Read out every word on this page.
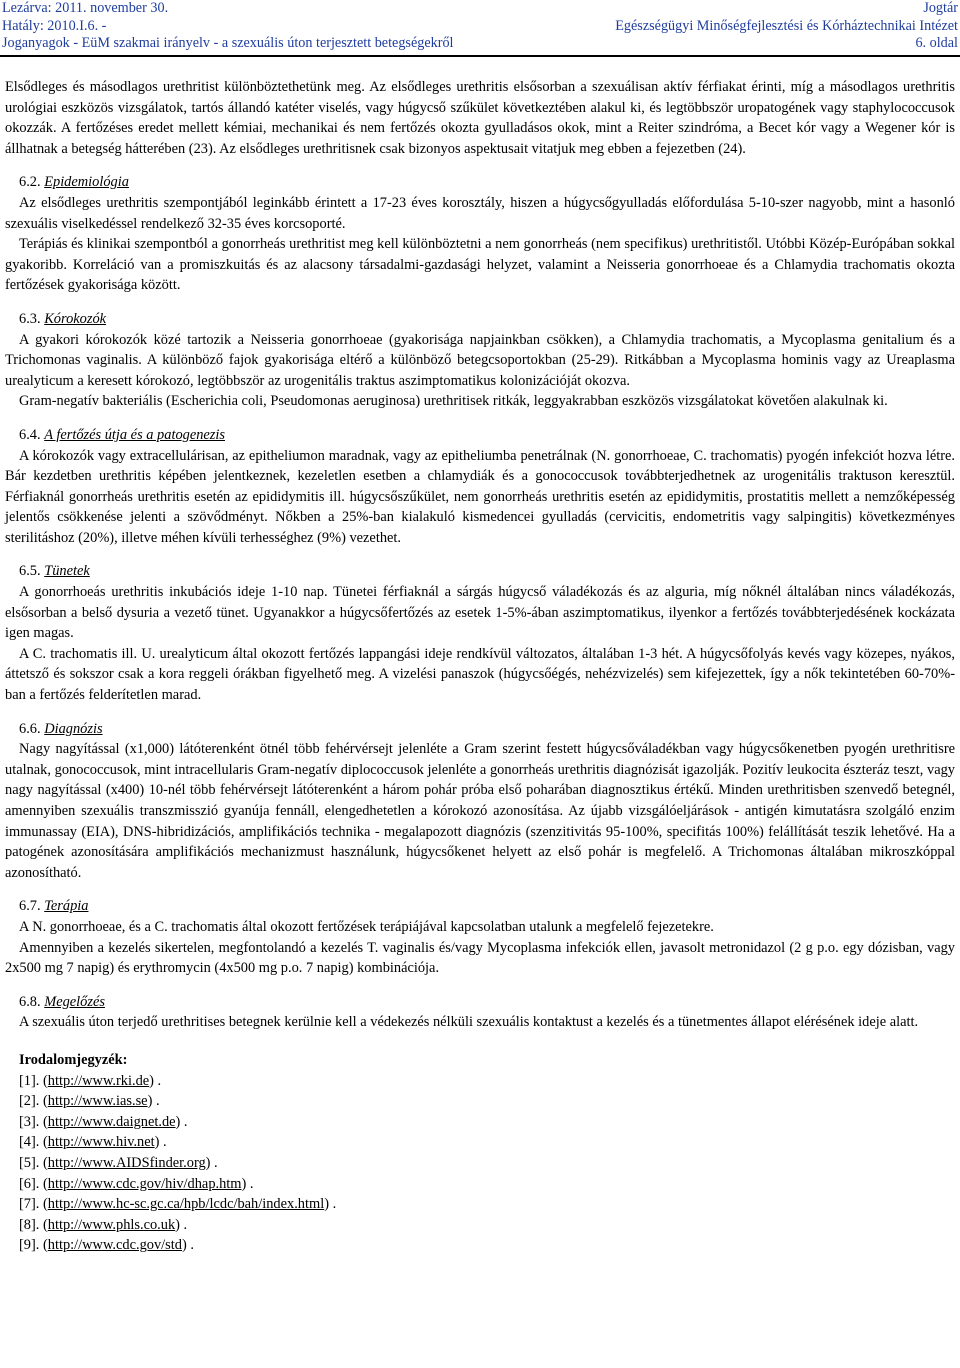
Lezárva: 2011. november 30.	Jogtár
Hatály: 2010.I.6. -	Egészségügyi Minőségfejlesztési és Kórháztechnikai Intézet
Joganyagok - EüM szakmai irányelv - a szexuális úton terjesztett betegségekről	6. oldal

Elsődleges és másodlagos urethritist különböztethetünk meg. Az elsődleges urethritis elsősorban a szexuálisan aktív férfiakat érinti, míg a másodlagos urethritis urológiai eszközös vizsgálatok, tartós állandó katéter viselés, vagy húgycső szűkület következtében alakul ki, és legtöbbször uropatogének vagy staphylococcusok okozzák. A fertőzéses eredet mellett kémiai, mechanikai és nem fertőzés okozta gyulladásos okok, mint a Reiter szindróma, a Becet kór vagy a Wegener kór is állhatnak a betegség hátterében (23). Az elsődleges urethritisnek csak bizonyos aspektusait vitatjuk meg ebben a fejezetben (24).

6.2. Epidemiológia

Az elsődleges urethritis szempontjából leginkább érintett a 17-23 éves korosztály, hiszen a húgycsőgyulladás előfordulása 5-10-szer nagyobb, mint a hasonló szexuális viselkedéssel rendelkező 32-35 éves korcsoporté.

Terápiás és klinikai szempontból a gonorrheás urethritist meg kell különböztetni a nem gonorrheás (nem specifikus) urethritistől. Utóbbi Közép-Európában sokkal gyakoribb. Korreláció van a promiszkuitás és az alacsony társadalmi-gazdasági helyzet, valamint a Neisseria gonorrhoeae és a Chlamydia trachomatis okozta fertőzések gyakorisága között.

6.3. Kórokozók

A gyakori kórokozók közé tartozik a Neisseria gonorrhoeae (gyakorisága napjainkban csökken), a Chlamydia trachomatis, a Mycoplasma genitalium és a Trichomonas vaginalis. A különböző fajok gyakorisága eltérő a különböző betegcsoportokban (25-29). Ritkábban a Mycoplasma hominis vagy az Ureaplasma urealyticum a keresett kórokozó, legtöbbször az urogenitális traktus aszimptomatikus kolonizációját okozva.

Gram-negatív bakteriális (Escherichia coli, Pseudomonas aeruginosa) urethritisek ritkák, leggyakrabban eszközös vizsgálatokat követően alakulnak ki.

6.4. A fertőzés útja és a patogenezis

A kórokozók vagy extracellulárisan, az epitheliumon maradnak, vagy az epitheliumba penetrálnak (N. gonorrhoeae, C. trachomatis) pyogén infekciót hozva létre. Bár kezdetben urethritis képében jelentkeznek, kezeletlen esetben a chlamydiák és a gonococcusok továbbterjedhetnek az urogenitális traktuson keresztül. Férfiaknál gonorrheás urethritis esetén az epididymitis ill. húgycsőszűkület, nem gonorrheás urethritis esetén az epididymitis, prostatitis mellett a nemzőképesség jelentős csökkenése jelenti a szövődményt. Nőkben a 25%-ban kialakuló kismedencei gyulladás (cervicitis, endometritis vagy salpingitis) következményes sterilitáshoz (20%), illetve méhen kívüli terhességhez (9%) vezethet.

6.5. Tünetek

A gonorrhoeás urethritis inkubációs ideje 1-10 nap. Tünetei férfiaknál a sárgás húgycső váladékozás és az alguria, míg nőknél általában nincs váladékozás, elsősorban a belső dysuria a vezető tünet. Ugyanakkor a húgycsőfertőzés az esetek 1-5%-ában aszimptomatikus, ilyenkor a fertőzés továbbterjedésének kockázata igen magas.

A C. trachomatis ill. U. urealyticum által okozott fertőzés lappangási ideje rendkívül változatos, általában 1-3 hét. A húgycsőfolyás kevés vagy közepes, nyákos, áttetsző és sokszor csak a kora reggeli órákban figyelhető meg. A vizelési panaszok (húgycsőégés, nehézvizelés) sem kifejezettek, így a nők tekintetében 60-70%-ban a fertőzés felderítetlen marad.

6.6. Diagnózis

Nagy nagyítással (x1,000) látóterenként ötnél több fehérvérsejt jelenléte a Gram szerint festett húgycsőváladékban vagy húgycsőkenetben pyogén urethritisre utalnak, gonococcusok, mint intracellularis Gram-negatív diplococcusok jelenléte a gonorrheás urethritis diagnózisát igazolják. Pozitív leukocita észteráz teszt, vagy nagy nagyítással (x400) 10-nél több fehérvérsejt látóterenként a három pohár próba első poharában diagnosztikus értékű. Minden urethritisben szenvedő betegnél, amennyiben szexuális transzmisszió gyanúja fennáll, elengedhetetlen a kórokozó azonosítása. Az újabb vizsgálóeljárások - antigén kimutatásra szolgáló enzim immunassay (EIA), DNS-hibridizációs, amplifikációs technika - megalapozott diagnózis (szenzitivitás 95-100%, specifitás 100%) felállítását teszik lehetővé. Ha a patogének azonosítására amplifikációs mechanizmust használunk, húgycsőkenet helyett az első pohár is megfelelő. A Trichomonas általában mikroszkóppal azonosítható.

6.7. Terápia

A N. gonorrhoeae, és a C. trachomatis által okozott fertőzések terápiájával kapcsolatban utalunk a megfelelő fejezetekre.

Amennyiben a kezelés sikertelen, megfontolandó a kezelés T. vaginalis és/vagy Mycoplasma infekciók ellen, javasolt metronidazol (2 g p.o. egy dózisban, vagy 2x500 mg 7 napig) és erythromycin (4x500 mg p.o. 7 napig) kombinációja.

6.8. Megelőzés

A szexuális úton terjedő urethritises betegnek kerülnie kell a védekezés nélküli szexuális kontaktust a kezelés és a tünetmentes állapot elérésének ideje alatt.

Irodalomjegyzék:
[1]. (http://www.rki.de) .
[2]. (http://www.ias.se) .
[3]. (http://www.daignet.de) .
[4]. (http://www.hiv.net) .
[5]. (http://www.AIDSfinder.org) .
[6]. (http://www.cdc.gov/hiv/dhap.htm) .
[7]. (http://www.hc-sc.gc.ca/hpb/lcdc/bah/index.html) .
[8]. (http://www.phls.co.uk) .
[9]. (http://www.cdc.gov/std) .
